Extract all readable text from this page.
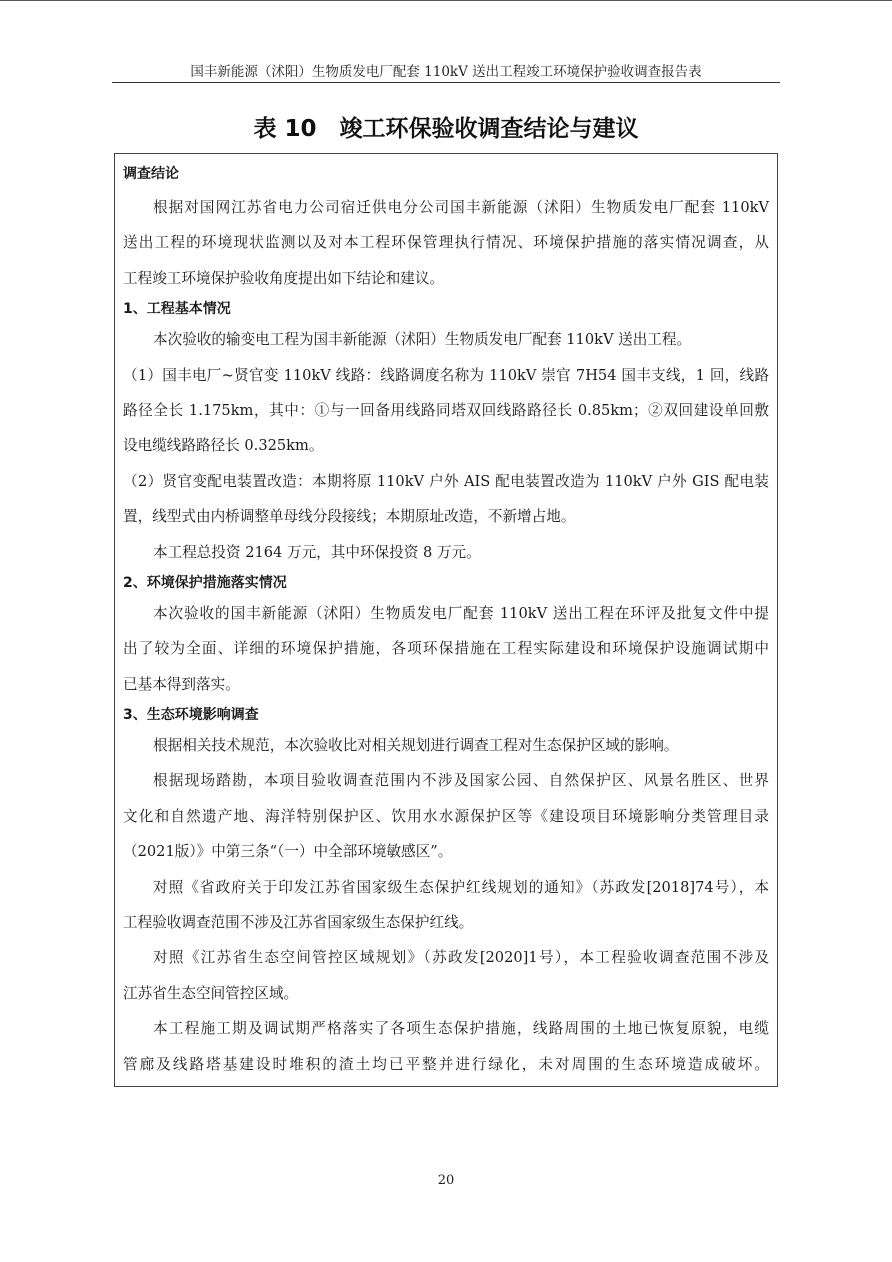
国丰新能源（沭阳）生物质发电厂配套 110kV 送出工程竣工环境保护验收调查报告表
表 10　竣工环保验收调查结论与建议
调查结论
根据对国网江苏省电力公司宿迁供电分公司国丰新能源（沭阳）生物质发电厂配套 110kV
送出工程的环境现状监测以及对本工程环保管理执行情况、环境保护措施的落实情况调查，从
工程竣工环境保护验收角度提出如下结论和建议。
1、工程基本情况
本次验收的输变电工程为国丰新能源（沭阳）生物质发电厂配套 110kV 送出工程。
（1）国丰电厂~贤官变 110kV 线路：线路调度名称为 110kV 崇官 7H54 国丰支线，1 回，线路
路径全长 1.175km，其中：①与一回备用线路同塔双回线路路径长 0.85km；②双回建设单回敷
设电缆线路路径长 0.325km。
（2）贤官变配电装置改造：本期将原 110kV 户外 AIS 配电装置改造为 110kV 户外 GIS 配电装
置，线型式由内桥调整单母线分段接线；本期原址改造，不新增占地。
本工程总投资 2164 万元，其中环保投资 8 万元。
2、环境保护措施落实情况
本次验收的国丰新能源（沭阳）生物质发电厂配套 110kV 送出工程在环评及批复文件中提
出了较为全面、详细的环境保护措施，各项环保措施在工程实际建设和环境保护设施调试期中
已基本得到落实。
3、生态环境影响调查
根据相关技术规范，本次验收比对相关规划进行调查工程对生态保护区域的影响。
根据现场踏勘，本项目验收调查范围内不涉及国家公园、自然保护区、风景名胜区、世界
文化和自然遗产地、海洋特别保护区、饮用水水源保护区等《建设项目环境影响分类管理目录
（2021版）》中第三条“（一）中全部环境敏感区”。
对照《省政府关于印发江苏省国家级生态保护红线规划的通知》（苏政发[2018]74号），本
工程验收调查范围不涉及江苏省国家级生态保护红线。
对照《江苏省生态空间管控区域规划》（苏政发[2020]1号），本工程验收调查范围不涉及
江苏省生态空间管控区域。
本工程施工期及调试期严格落实了各项生态保护措施，线路周围的土地已恢复原貌，电缆
管廊及线路塔基建设时堆积的渣土均已平整并进行绿化，未对周围的生态环境造成破坏。
20
